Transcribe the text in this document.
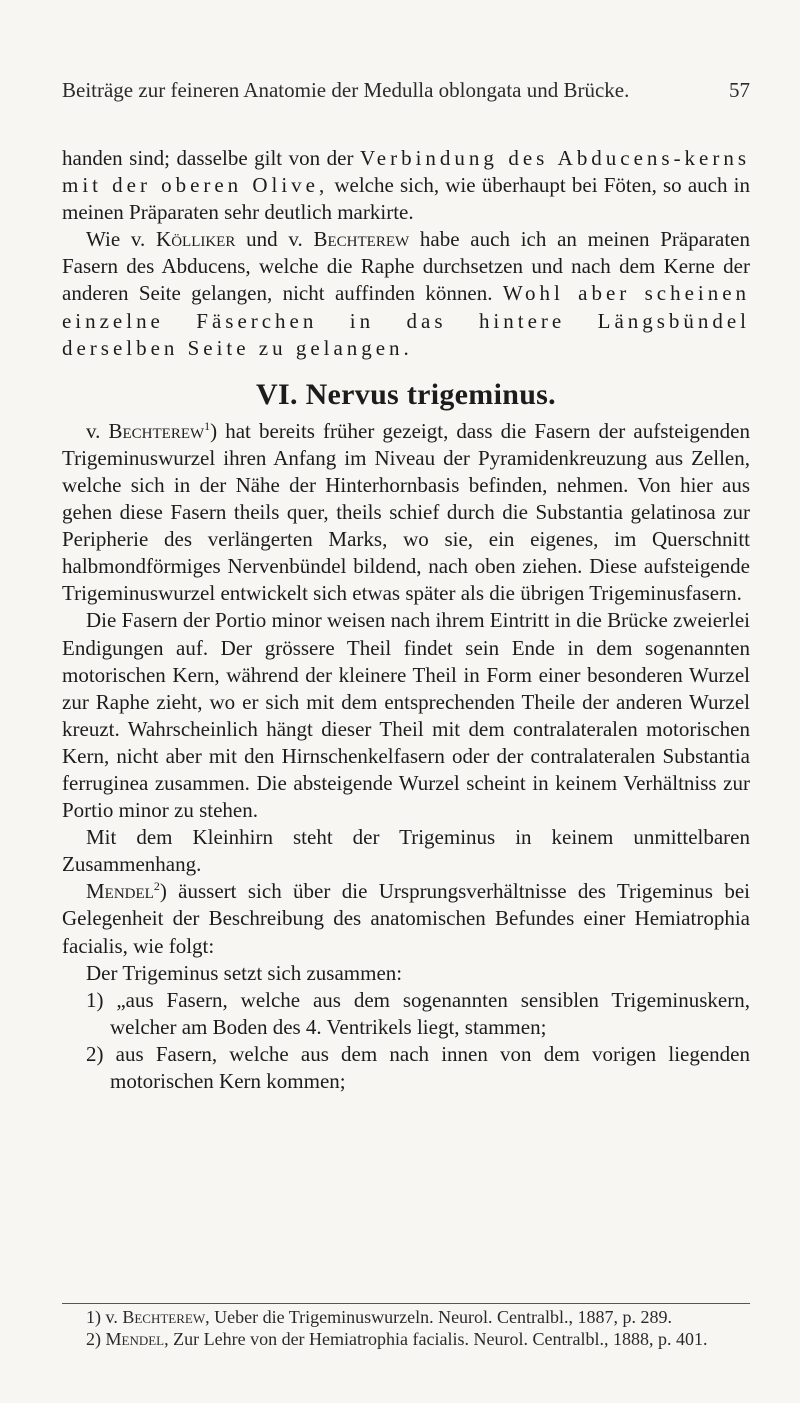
Beiträge zur feineren Anatomie der Medulla oblongata und Brücke.	57

handen sind; dasselbe gilt von der Verbindung des Abducens-kerns mit der oberen Olive, welche sich, wie überhaupt bei Föten, so auch in meinen Präparaten sehr deutlich markirte.

Wie v. Kölliker und v. Bechterew habe auch ich an meinen Präparaten Fasern des Abducens, welche die Raphe durchsetzen und nach dem Kerne der anderen Seite gelangen, nicht auffinden können. Wohl aber scheinen einzelne Fäserchen in das hintere Längsbündel derselben Seite zu gelangen.

VI. Nervus trigeminus.

v. Bechterew$^1$) hat bereits früher gezeigt, dass die Fasern der aufsteigenden Trigeminuswurzel ihren Anfang im Niveau der Pyramidenkreuzung aus Zellen, welche sich in der Nähe der Hinterhornbasis befinden, nehmen. Von hier aus gehen diese Fasern theils quer, theils schief durch die Substantia gelatinosa zur Peripherie des verlängerten Marks, wo sie, ein eigenes, im Querschnitt halbmondförmiges Nervenbündel bildend, nach oben ziehen. Diese aufsteigende Trigeminuswurzel entwickelt sich etwas später als die übrigen Trigeminusfasern.

Die Fasern der Portio minor weisen nach ihrem Eintritt in die Brücke zweierlei Endigungen auf. Der grössere Theil findet sein Ende in dem sogenannten motorischen Kern, während der kleinere Theil in Form einer besonderen Wurzel zur Raphe zieht, wo er sich mit dem entsprechenden Theile der anderen Wurzel kreuzt. Wahrscheinlich hängt dieser Theil mit dem contralateralen motorischen Kern, nicht aber mit den Hirnschenkelfasern oder der contralateralen Substantia ferruginea zusammen. Die absteigende Wurzel scheint in keinem Verhältniss zur Portio minor zu stehen.

Mit dem Kleinhirn steht der Trigeminus in keinem unmittelbaren Zusammenhang.

Mendel$^2$) äussert sich über die Ursprungsverhältnisse des Trigeminus bei Gelegenheit der Beschreibung des anatomischen Befundes einer Hemiatrophia facialis, wie folgt:

Der Trigeminus setzt sich zusammen:

1) „aus Fasern, welche aus dem sogenannten sensiblen Trigeminuskern, welcher am Boden des 4. Ventrikels liegt, stammen;

2) aus Fasern, welche aus dem nach innen von dem vorigen liegenden motorischen Kern kommen;

1) v. Bechterew, Ueber die Trigeminuswurzeln. Neurol. Centralbl., 1887, p. 289.

2) Mendel, Zur Lehre von der Hemiatrophia facialis. Neurol. Centralbl., 1888, p. 401.
